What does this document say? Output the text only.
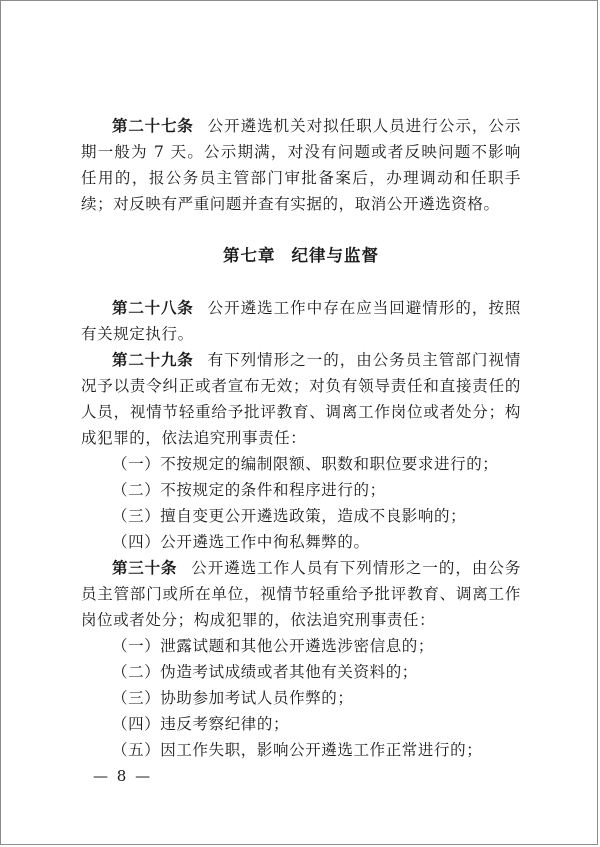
第二十七条 公开遴选机关对拟任职人员进行公示，公示期一般为 7 天。公示期满，对没有问题或者反映问题不影响任用的，报公务员主管部门审批备案后，办理调动和任职手续；对反映有严重问题并查有实据的，取消公开遴选资格。

第七章 纪律与监督

第二十八条 公开遴选工作中存在应当回避情形的，按照有关规定执行。

第二十九条 有下列情形之一的，由公务员主管部门视情况予以责令纠正或者宣布无效；对负有领导责任和直接责任的人员，视情节轻重给予批评教育、调离工作岗位或者处分；构成犯罪的，依法追究刑事责任：

（一）不按规定的编制限额、职数和职位要求进行的；

（二）不按规定的条件和程序进行的；

（三）擅自变更公开遴选政策，造成不良影响的；

（四）公开遴选工作中徇私舞弊的。

第三十条 公开遴选工作人员有下列情形之一的，由公务员主管部门或所在单位，视情节轻重给予批评教育、调离工作岗位或者处分；构成犯罪的，依法追究刑事责任：

（一）泄露试题和其他公开遴选涉密信息的；

（二）伪造考试成绩或者其他有关资料的；

（三）协助参加考试人员作弊的；

（四）违反考察纪律的；

（五）因工作失职，影响公开遴选工作正常进行的；

— 8 —
